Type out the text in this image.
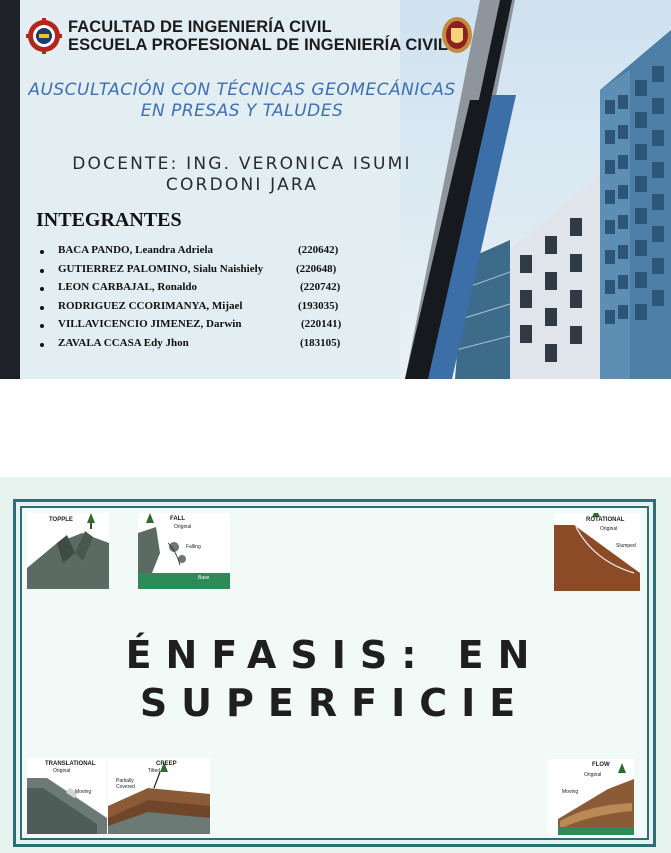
FACULTAD DE INGENIERÍA CIVIL
ESCUELA PROFESIONAL DE INGENIERÍA CIVIL
AUSCULTACIÓN CON TÉCNICAS GEOMECÁNICAS EN PRESAS Y TALUDES
DOCENTE: ING. VERONICA ISUMI CORDONI JARA
INTEGRANTES
BACA PANDO, Leandra Adriela	(220642)
GUTIERREZ PALOMINO, Sialu Naishiely	(220648)
LEON CARBAJAL, Ronaldo	(220742)
RODRIGUEZ CCORIMANYA, Mijael	(193035)
VILLAVICENCIO JIMENEZ, Darwin	(220141)
ZAVALA CCASA Edy Jhon	(183105)
TOPPLE	FALL
Original
Falling
Base
ROTATIONAL
Original
Slumped
TRANSLATIONAL
Original
Moving
CREEP
Tilted
Partially Covered
FLOW
Original
Moving
ÉNFASIS: EN
SUPERFICIE
